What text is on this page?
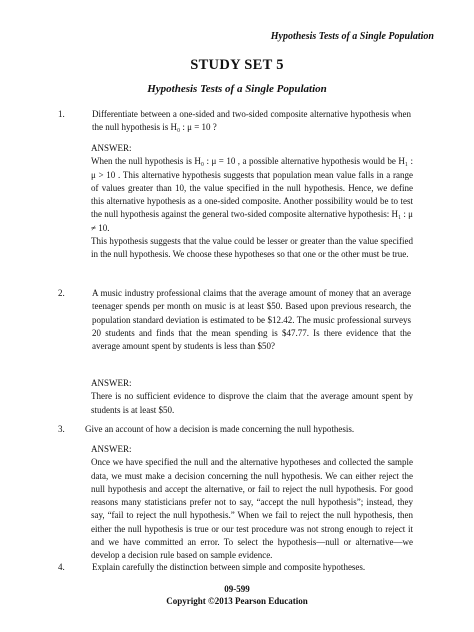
Hypothesis Tests of a Single Population
STUDY SET 5
Hypothesis Tests of a Single Population
1.	Differentiate between a one-sided and two-sided composite alternative hypothesis when the null hypothesis is H₀ : μ = 10 ?
ANSWER:

When the null hypothesis is H₀ : μ = 10 , a possible alternative hypothesis would be H₁ : μ > 10 . This alternative hypothesis suggests that population mean value falls in a range of values greater than 10, the value specified in the null hypothesis. Hence, we define this alternative hypothesis as a one-sided composite. Another possibility would be to test the null hypothesis against the general two-sided composite alternative hypothesis: H₁ : μ ≠ 10.

This hypothesis suggests that the value could be lesser or greater than the value specified in the null hypothesis. We choose these hypotheses so that one or the other must be true.

2.	A music industry professional claims that the average amount of money that an average teenager spends per month on music is at least $50. Based upon previous research, the population standard deviation is estimated to be $12.42. The music professional surveys 20 students and finds that the mean spending is $47.77. Is there evidence that the average amount spent by students is less than $50?
ANSWER:

There is no sufficient evidence to disprove the claim that the average amount spent by students is at least $50.

3. Give an account of how a decision is made concerning the null hypothesis.
ANSWER:

Once we have specified the null and the alternative hypotheses and collected the sample data, we must make a decision concerning the null hypothesis. We can either reject the null hypothesis and accept the alternative, or fail to reject the null hypothesis. For good reasons many statisticians prefer not to say, “accept the null hypothesis”; instead, they say, “fail to reject the null hypothesis.” When we fail to reject the null hypothesis, then either the null hypothesis is true or our test procedure was not strong enough to reject it and we have committed an error. To select the hypothesis—null or alternative—we develop a decision rule based on sample evidence.

4.	Explain carefully the distinction between simple and composite hypotheses.
09-599
Copyright ©2013 Pearson Education
